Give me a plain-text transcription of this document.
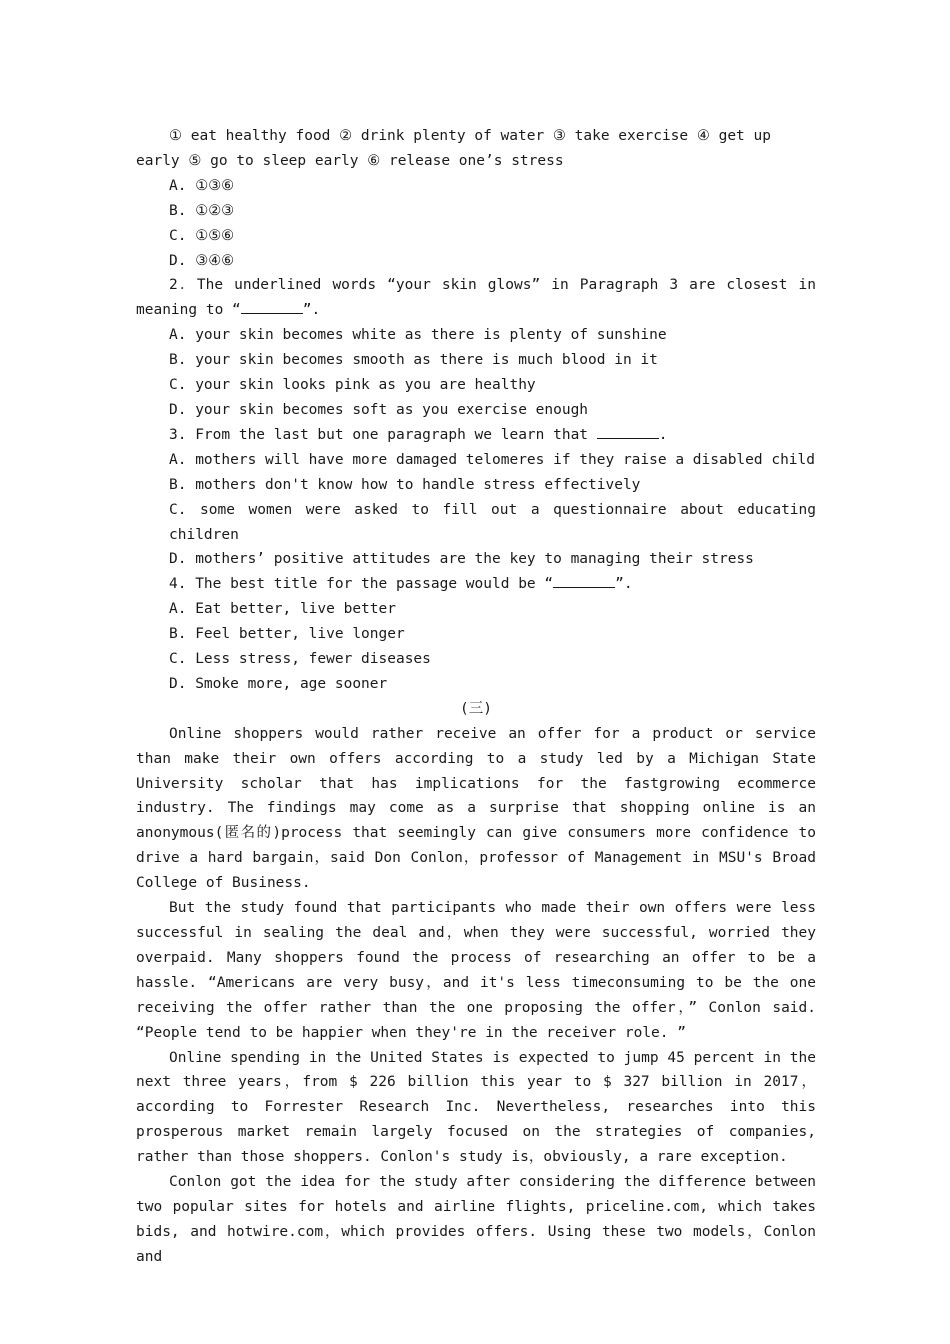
① eat healthy food ② drink plenty of water ③ take exercise ④ get up

early ⑤ go to sleep early ⑥ release one’s stress

A. ①③⑥

B. ①②③

C. ①⑤⑥

D. ③④⑥

2．The underlined words “your skin glows” in Paragraph 3 are closest in meaning to “	”.

A. your skin becomes white as there is plenty of sunshine

B. your skin becomes smooth as there is much blood in it

C. your skin looks pink as you are healthy

D. your skin becomes soft as you exercise enough

3. From the last but one paragraph we learn that	.

A. mothers will have more damaged telomeres if they raise a disabled child

B. mothers don't know how to handle stress effectively

C. some women were asked to fill out a questionnaire about educating children

D. mothers’ positive attitudes are the key to managing their stress

4. The best title for the passage would be “	”.

A. Eat better, live better

B. Feel better, live longer

C. Less stress, fewer diseases

D. Smoke more, age sooner

(三)

Online shoppers would rather receive an offer for a product or service than make their own offers according to a study led by a Michigan State University scholar that has implications for the fastgrowing ecommerce industry. The findings may come as a surprise that shopping online is an anonymous(匿名的)process that seemingly can give consumers more confidence to drive a hard bargain，said Don Conlon，professor of Management in MSU's Broad College of Business.

But the study found that participants who made their own offers were less successful in sealing the deal and，when they were successful, worried they overpaid. Many shoppers found the process of researching an offer to be a hassle. “Americans are very busy，and it's less timeconsuming to be the one receiving the offer rather than the one proposing the offer，” Conlon said. “People tend to be happier when they're in the receiver role. ”

Online spending in the United States is expected to jump 45 percent in the next three years，from $ 226 billion this year to $ 327 billion in 2017，according to Forrester Research Inc. Nevertheless, researches into this prosperous market remain largely focused on the strategies of companies, rather than those shoppers. Conlon's study is，obviously, a rare exception.

Conlon got the idea for the study after considering the difference between two popular sites for hotels and airline flights, priceline.com, which takes bids, and hotwire.com，which provides offers. Using these two models，Conlon and
